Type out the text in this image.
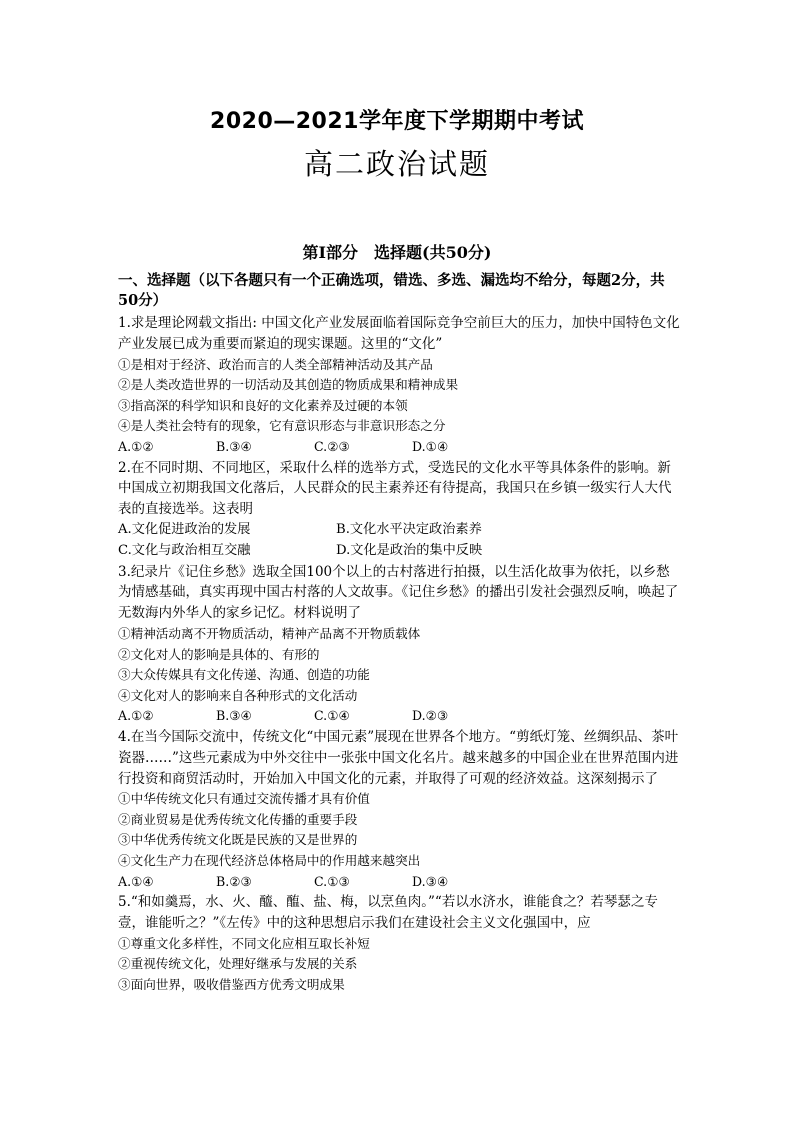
2020—2021学年度下学期期中考试
高二政治试题
第Ⅰ部分　选择题(共50分)
一、选择题（以下各题只有一个正确选项，错选、多选、漏选均不给分，每题2分，共50分）
1.求是理论网载文指出: 中国文化产业发展面临着国际竞争空前巨大的压力，加快中国特色文化产业发展已成为重要而紧迫的现实课题。这里的“文化”
①是相对于经济、政治而言的人类全部精神活动及其产品
②是人类改造世界的一切活动及其创造的物质成果和精神成果
③指高深的科学知识和良好的文化素养及过硬的本领
④是人类社会特有的现象，它有意识形态与非意识形态之分
A.①②	B.③④	C.②③	D.①④
2.在不同时期、不同地区，采取什么样的选举方式，受选民的文化水平等具体条件的影响。新中国成立初期我国文化落后，人民群众的民主素养还有待提高，我国只在乡镇一级实行人大代表的直接选举。这表明
A.文化促进政治的发展	B.文化水平决定政治素养
C.文化与政治相互交融	D.文化是政治的集中反映
3.纪录片《记住乡愁》选取全国100个以上的古村落进行拍摄，以生活化故事为依托，以乡愁为情感基础，真实再现中国古村落的人文故事。《记住乡愁》的播出引发社会强烈反响，唤起了无数海内外华人的家乡记忆。材料说明了
①精神活动离不开物质活动，精神产品离不开物质载体
②文化对人的影响是具体的、有形的
③大众传媒具有文化传递、沟通、创造的功能
④文化对人的影响来自各种形式的文化活动
A.①②	B.③④	C.①④	D.②③
4.在当今国际交流中，传统文化“中国元素”展现在世界各个地方。“剪纸灯笼、丝绸织品、茶叶瓷器……”这些元素成为中外交往中一张张中国文化名片。越来越多的中国企业在世界范围内进行投资和商贸活动时，开始加入中国文化的元素，并取得了可观的经济效益。这深刻揭示了
①中华传统文化只有通过交流传播才具有价值
②商业贸易是优秀传统文化传播的重要手段
③中华优秀传统文化既是民族的又是世界的
④文化生产力在现代经济总体格局中的作用越来越突出
A.①④	B.②③	C.①③	D.③④
5.“和如羹焉，水、火、醯、醢、盐、梅，以烹鱼肉。”“若以水济水，谁能食之？若琴瑟之专壹，谁能听之？”《左传》中的这种思想启示我们在建设社会主义文化强国中，应
①尊重文化多样性，不同文化应相互取长补短
②重视传统文化，处理好继承与发展的关系
③面向世界，吸收借鉴西方优秀文明成果
